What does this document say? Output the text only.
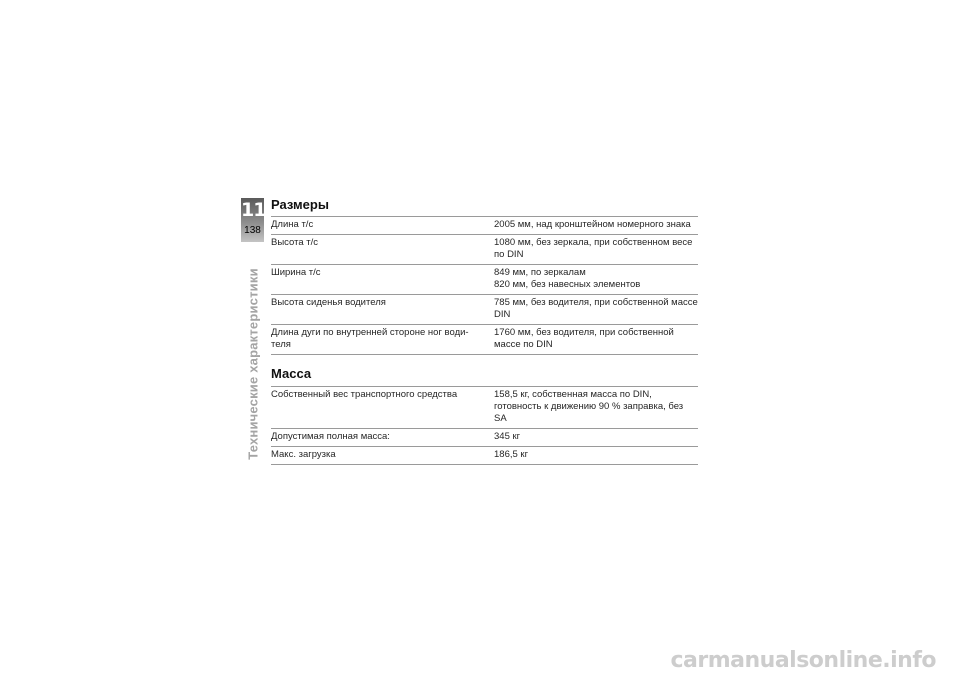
11
138
Технические характеристики
Размеры
Длина т/с	2005 мм, над кронштейном номерного знака
Высота т/с	1080 мм, без зеркала, при собственном весе по DIN
Ширина т/с	849 мм, по зеркалам
820 мм, без навесных элементов

Высота сиденья водителя	785 мм, без водителя, при собственной массе DIN
Длина дуги по внутренней стороне ног води-теля	1760 мм, без водителя, при собственной массе по DIN
Масса
Собственный вес транспортного средства	158,5 кг, собственная масса по DIN, готовность к движению 90 % заправка, без SA
Допустимая полная масса:	345 кг
Макс. загрузка	186,5 кг
carmanualsonline.info
